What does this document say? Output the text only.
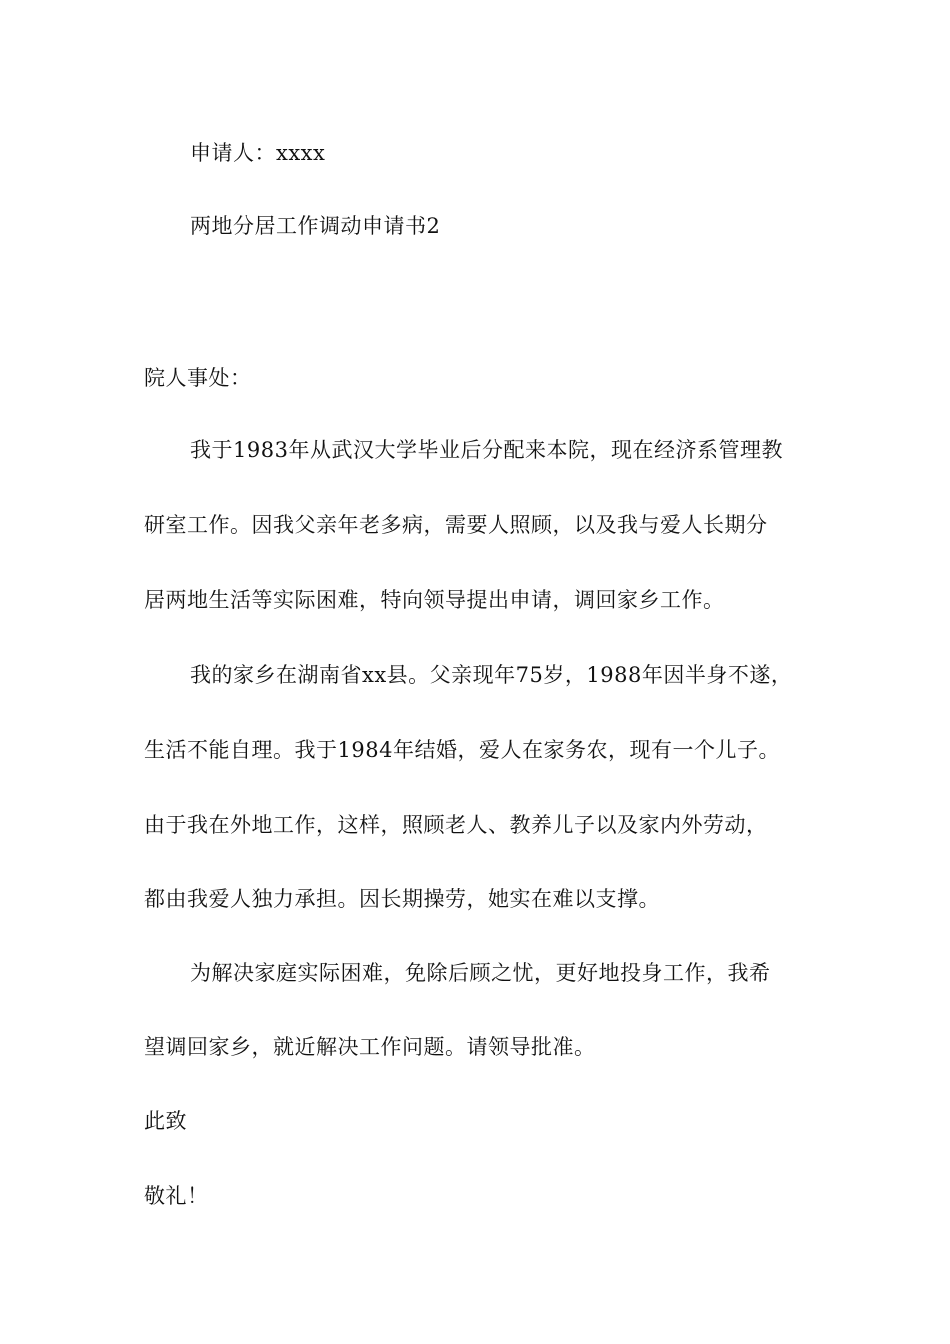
申请人：xxxx
两地分居工作调动申请书2
院人事处：
我于1983年从武汉大学毕业后分配来本院，现在经济系管理教
研室工作。因我父亲年老多病，需要人照顾，以及我与爱人长期分
居两地生活等实际困难，特向领导提出申请，调回家乡工作。
我的家乡在湖南省xx县。父亲现年75岁，1988年因半身不遂，
生活不能自理。我于1984年结婚，爱人在家务农，现有一个儿子。
由于我在外地工作，这样，照顾老人、教养儿子以及家内外劳动，
都由我爱人独力承担。因长期操劳，她实在难以支撑。
为解决家庭实际困难，免除后顾之忧，更好地投身工作，我希
望调回家乡，就近解决工作问题。请领导批准。
此致
敬礼！
